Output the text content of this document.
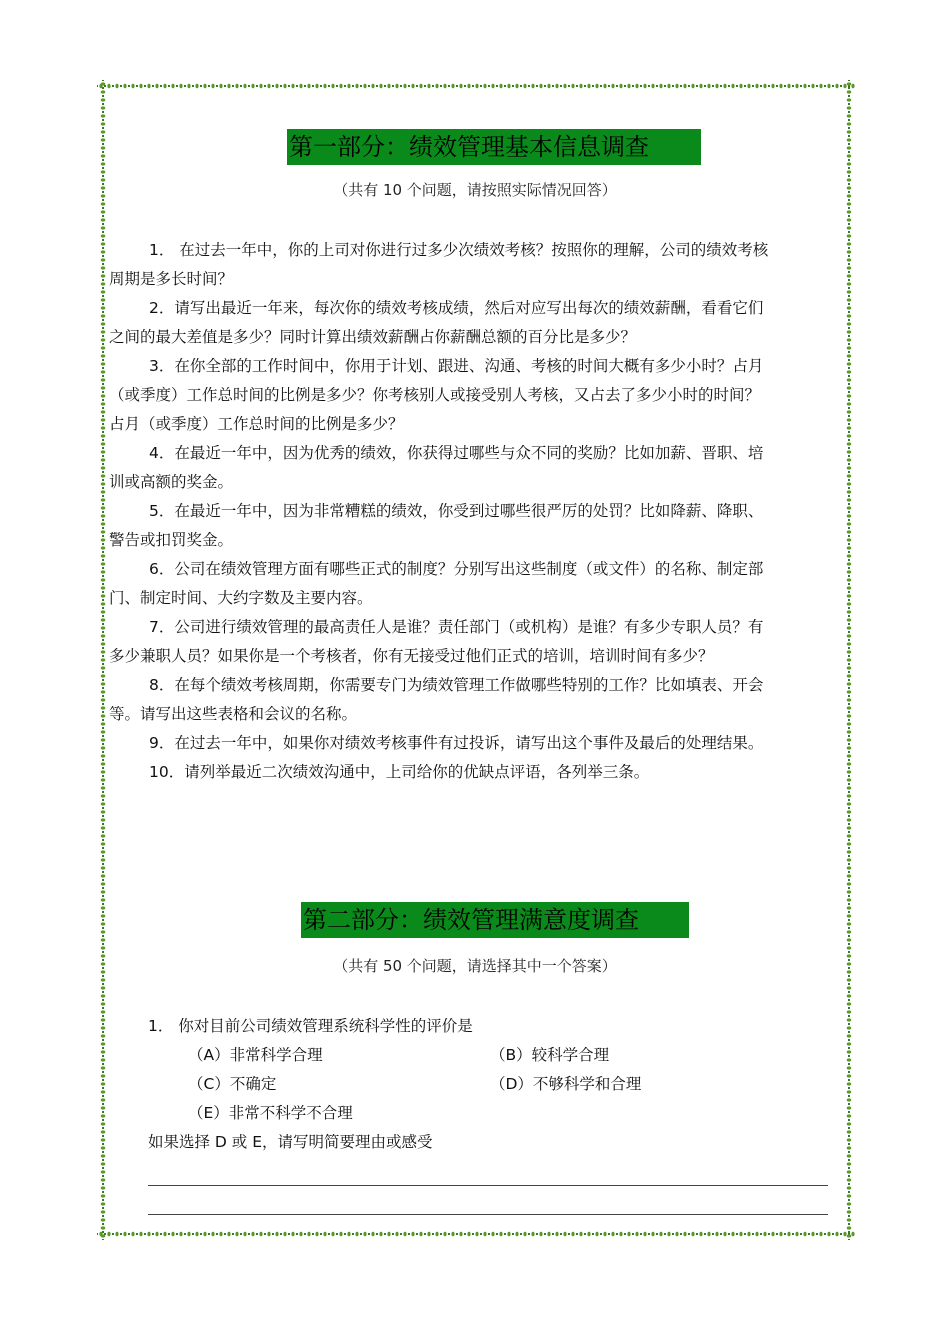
第一部分：绩效管理基本信息调查
（共有 10 个问题，请按照实际情况回答）

1． 在过去一年中，你的上司对你进行过多少次绩效考核？按照你的理解，公司的绩效考核周期是多长时间？

2．请写出最近一年来，每次你的绩效考核成绩，然后对应写出每次的绩效薪酬，看看它们之间的最大差值是多少？同时计算出绩效薪酬占你薪酬总额的百分比是多少？

3．在你全部的工作时间中，你用于计划、跟进、沟通、考核的时间大概有多少小时？占月（或季度）工作总时间的比例是多少？你考核别人或接受别人考核，又占去了多少小时的时间？占月（或季度）工作总时间的比例是多少？

4．在最近一年中，因为优秀的绩效，你获得过哪些与众不同的奖励？比如加薪、晋职、培训或高额的奖金。

5．在最近一年中，因为非常糟糕的绩效，你受到过哪些很严厉的处罚？比如降薪、降职、警告或扣罚奖金。

6．公司在绩效管理方面有哪些正式的制度？分别写出这些制度（或文件）的名称、制定部门、制定时间、大约字数及主要内容。

7．公司进行绩效管理的最高责任人是谁？责任部门（或机构）是谁？有多少专职人员？有多少兼职人员？如果你是一个考核者，你有无接受过他们正式的培训，培训时间有多少？

8．在每个绩效考核周期，你需要专门为绩效管理工作做哪些特别的工作？比如填表、开会等。请写出这些表格和会议的名称。

9．在过去一年中，如果你对绩效考核事件有过投诉，请写出这个事件及最后的处理结果。

10．请列举最近二次绩效沟通中，上司给你的优缺点评语，各列举三条。

第二部分：绩效管理满意度调查
（共有 50 个问题，请选择其中一个答案）
1． 你对目前公司绩效管理系统科学性的评价是
（A）非常科学合理	（B）较科学合理
（C）不确定	（D）不够科学和合理
（E）非常不科学不合理
如果选择 D 或 E，请写明简要理由或感受
